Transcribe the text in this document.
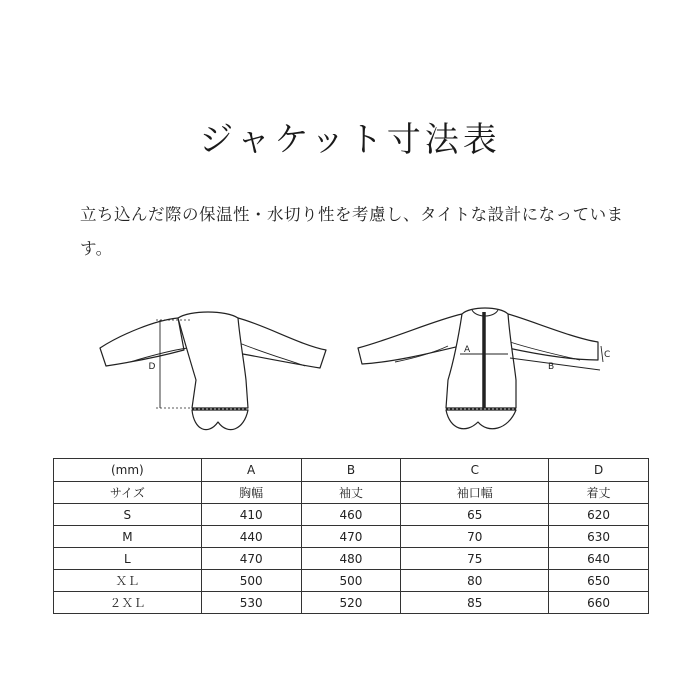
ジャケット寸法表
立ち込んだ際の保温性・水切り性を考慮し、タイトな設計になっています。
D
A
B
C
(mm)	A	B	C	D
サイズ	胸幅	袖丈	袖口幅	着丈
S	410	460	65	620
M	440	470	70	630
L	470	480	75	640
ＸＬ	500	500	80	650
２ＸＬ	530	520	85	660
